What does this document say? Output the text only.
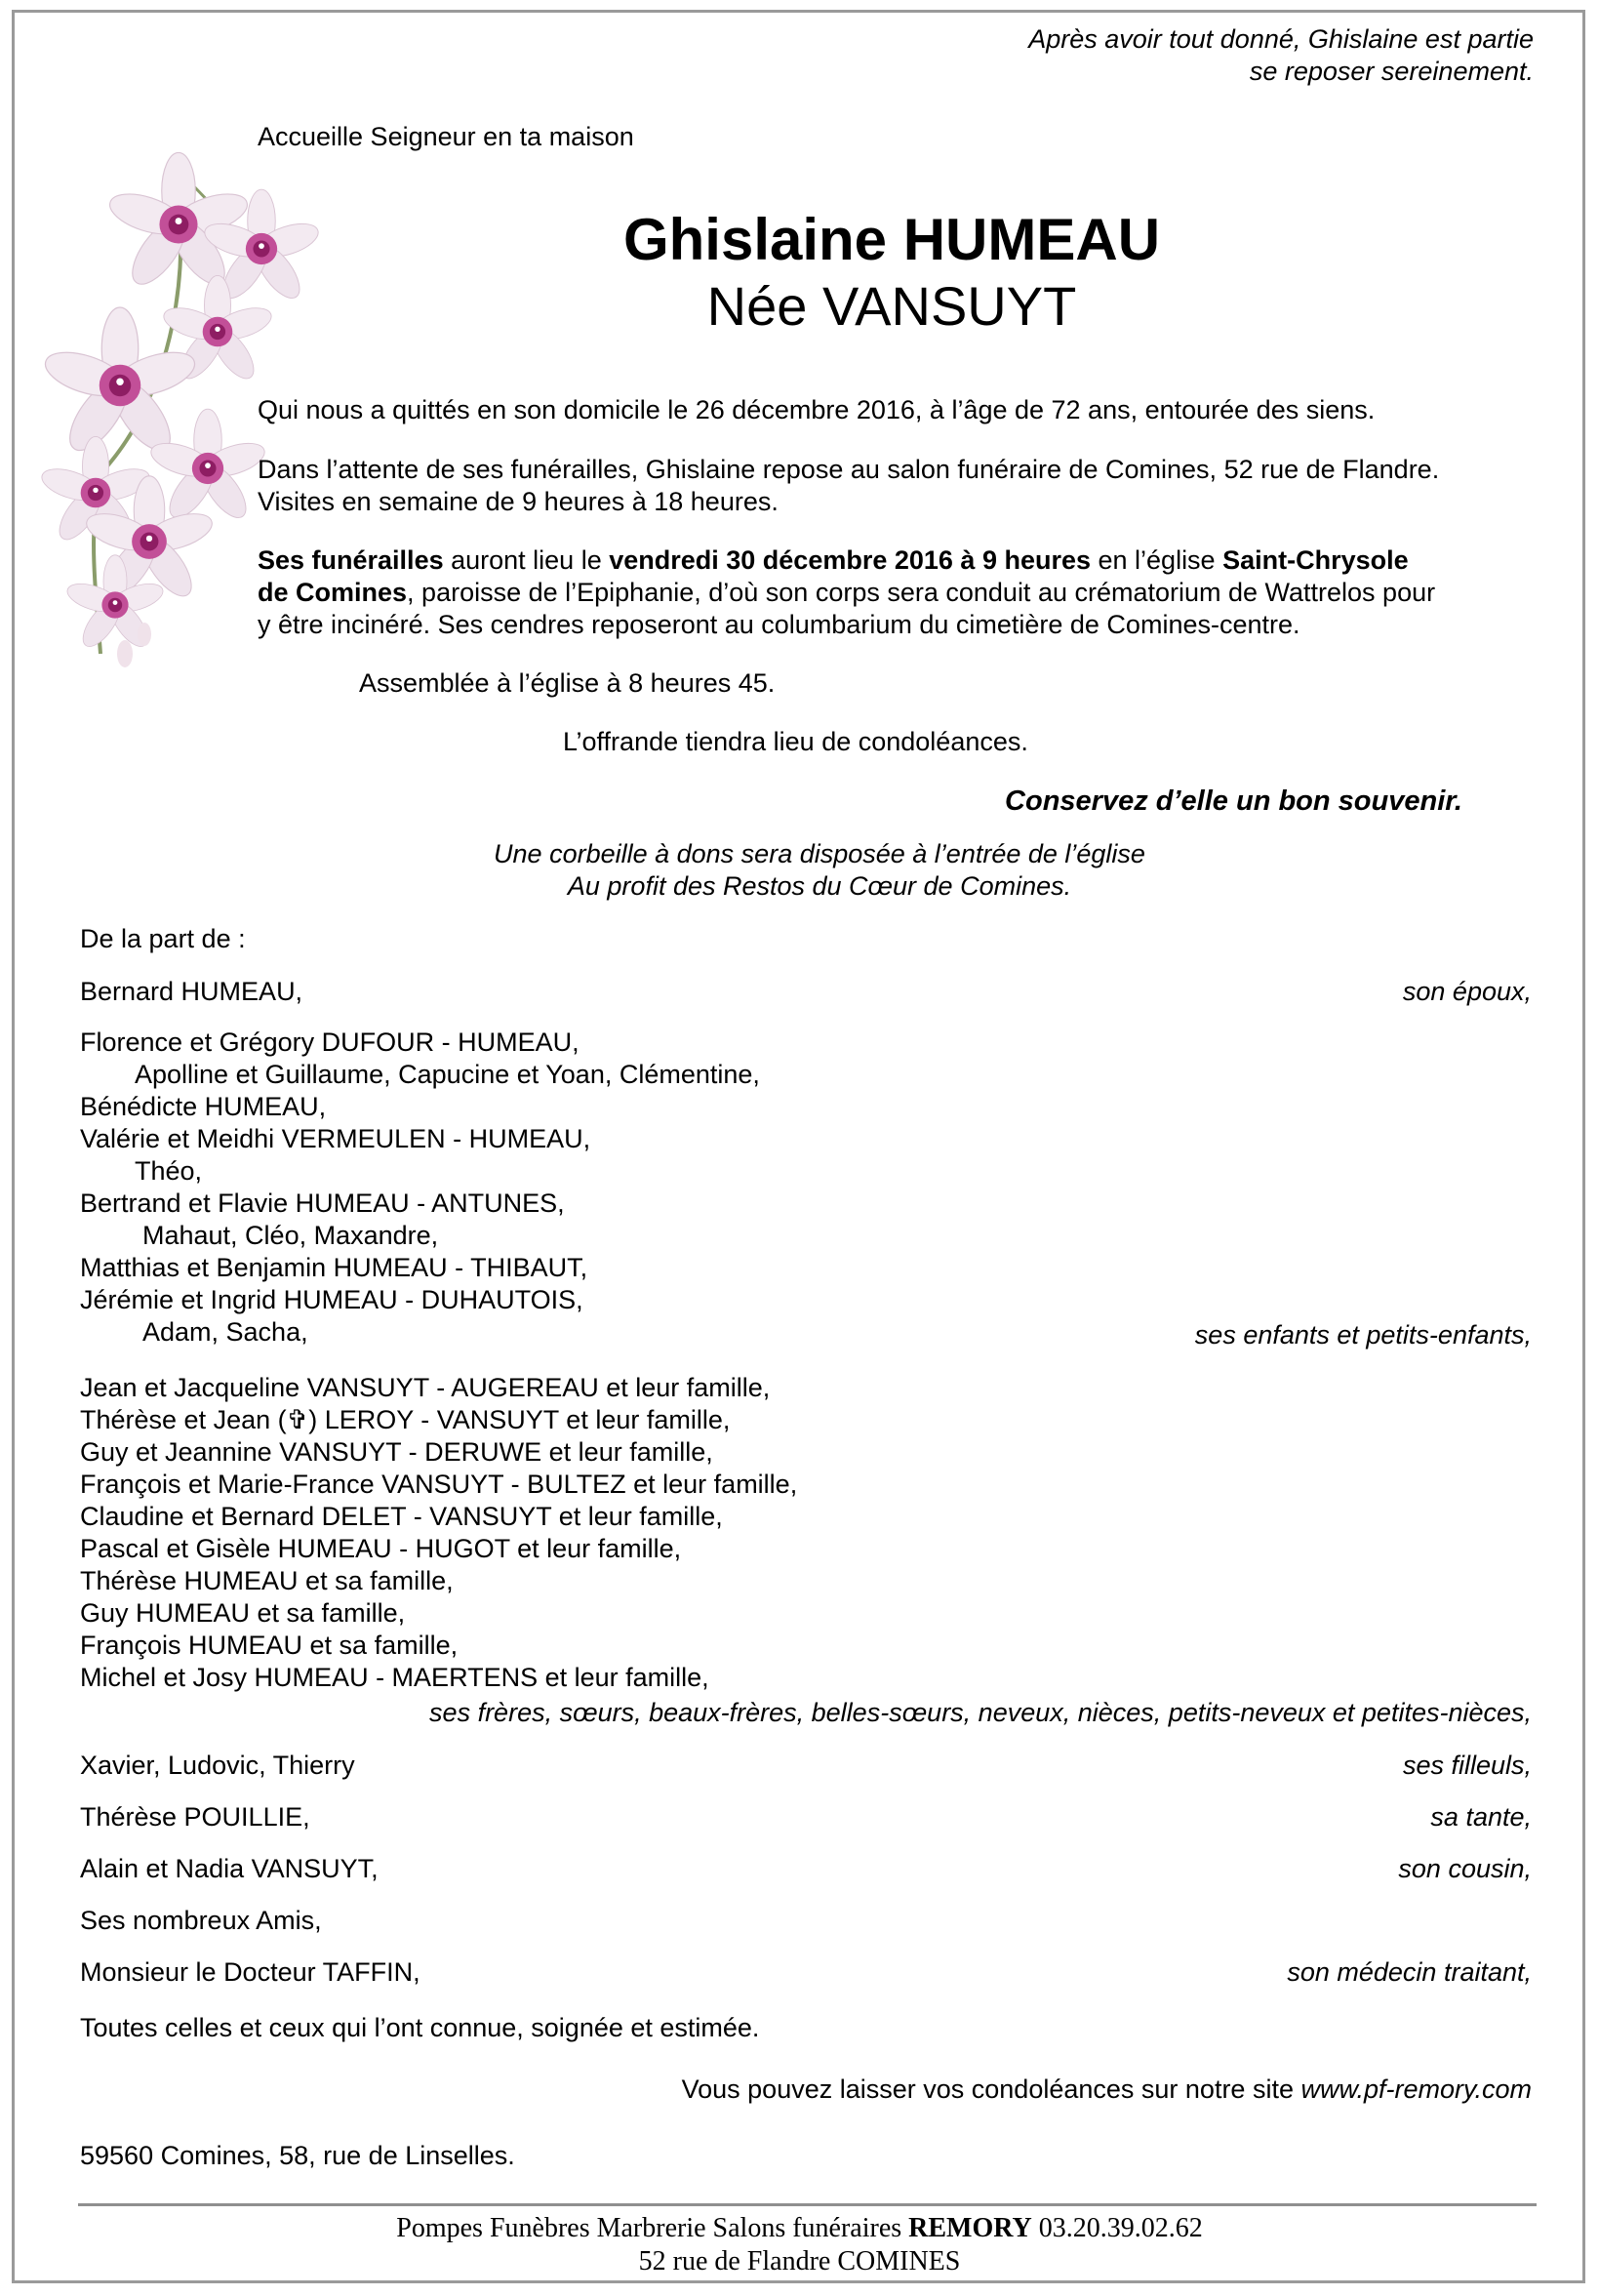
Après avoir tout donné, Ghislaine est partie
se reposer sereinement.
Accueille Seigneur en ta maison
Ghislaine HUMEAU
Née VANSUYT
Qui nous a quittés en son domicile le 26 décembre 2016, à l’âge de 72 ans, entourée des siens.
Dans l’attente de ses funérailles, Ghislaine repose au salon funéraire de Comines, 52 rue de Flandre.
Visites en semaine de 9 heures à 18 heures.
Ses funérailles auront lieu le vendredi 30 décembre 2016 à 9 heures en l’église Saint-Chrysole
de Comines, paroisse de l’Epiphanie, d’où son corps sera conduit au crématorium de Wattrelos pour
y être incinéré. Ses cendres reposeront au columbarium du cimetière de Comines-centre.
Assemblée à l’église à 8 heures 45.
L’offrande tiendra lieu de condoléances.
Conservez d’elle un bon souvenir.
Une corbeille à dons sera disposée à l’entrée de l’église
Au profit des Restos du Cœur de Comines.
De la part de :
Bernard HUMEAU,	son époux,
Florence et Grégory DUFOUR - HUMEAU,
Apolline et Guillaume, Capucine et Yoan, Clémentine,
Bénédicte HUMEAU,
Valérie et Meidhi VERMEULEN - HUMEAU,
Théo,
Bertrand et Flavie HUMEAU - ANTUNES,
Mahaut, Cléo, Maxandre,
Matthias et Benjamin HUMEAU - THIBAUT,
Jérémie et Ingrid HUMEAU - DUHAUTOIS,
Adam, Sacha,	ses enfants et petits-enfants,
Jean et Jacqueline VANSUYT - AUGEREAU et leur famille,
Thérèse et Jean (✞) LEROY - VANSUYT et leur famille,
Guy et Jeannine VANSUYT - DERUWE et leur famille,
François et Marie-France VANSUYT - BULTEZ et leur famille,
Claudine et Bernard DELET - VANSUYT et leur famille,
Pascal et Gisèle HUMEAU - HUGOT et leur famille,
Thérèse HUMEAU et sa famille,
Guy HUMEAU et sa famille,
François HUMEAU et sa famille,
Michel et Josy HUMEAU - MAERTENS et leur famille,
ses frères, sœurs, beaux-frères, belles-sœurs, neveux, nièces, petits-neveux et petites-nièces,
Xavier, Ludovic, Thierry	ses filleuls,
Thérèse POUILLIE,	sa tante,
Alain et Nadia VANSUYT,	son cousin,
Ses nombreux Amis,
Monsieur le Docteur TAFFIN,	son médecin traitant,
Toutes celles et ceux qui l’ont connue, soignée et estimée.
Vous pouvez laisser vos condoléances sur notre site www.pf-remory.com
59560 Comines, 58, rue de Linselles.
Pompes Funèbres Marbrerie Salons funéraires REMORY 03.20.39.02.62
52 rue de Flandre COMINES
